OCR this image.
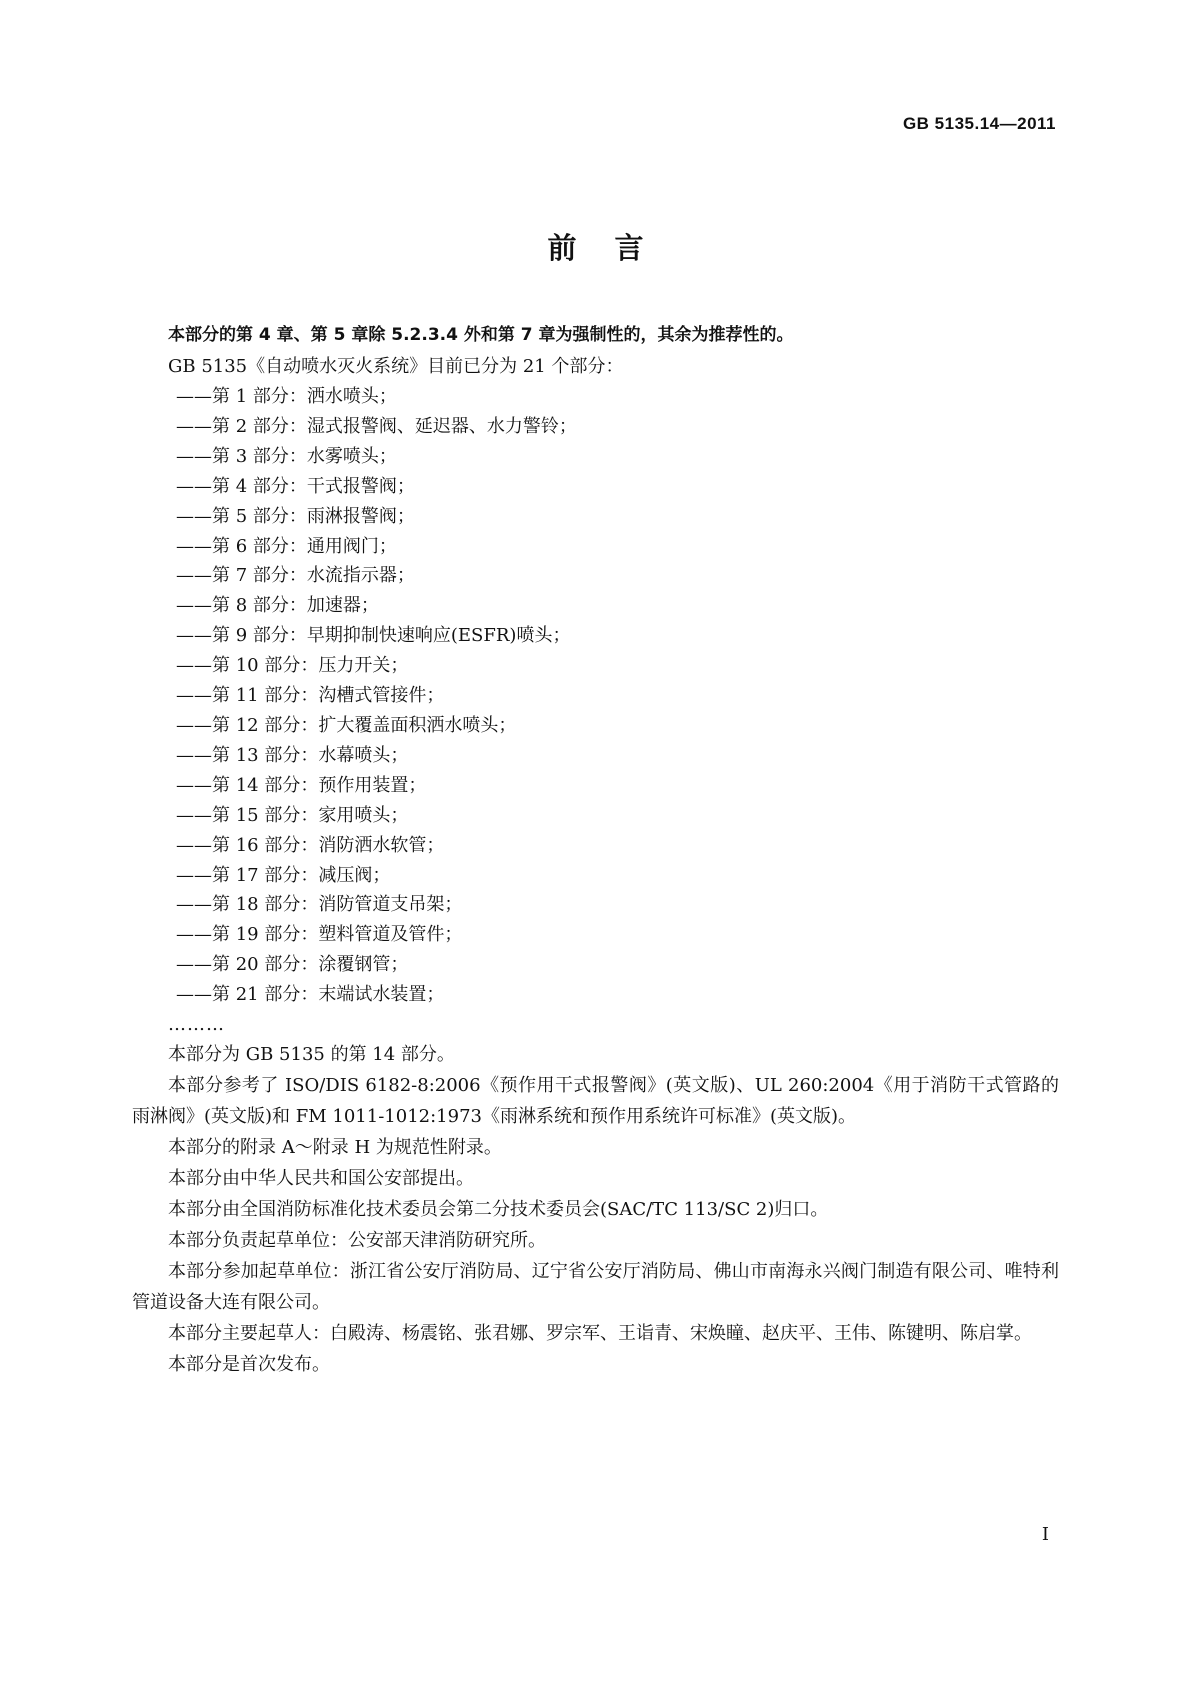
GB 5135.14—2011
前言

本部分的第 4 章、第 5 章除 5.2.3.4 外和第 7 章为强制性的，其余为推荐性的。

GB 5135《自动喷水灭火系统》目前已分为 21 个部分：

——第 1 部分：洒水喷头；
——第 2 部分：湿式报警阀、延迟器、水力警铃；
——第 3 部分：水雾喷头；
——第 4 部分：干式报警阀；
——第 5 部分：雨淋报警阀；
——第 6 部分：通用阀门；
——第 7 部分：水流指示器；
——第 8 部分：加速器；
——第 9 部分：早期抑制快速响应(ESFR)喷头；
——第 10 部分：压力开关；
——第 11 部分：沟槽式管接件；
——第 12 部分：扩大覆盖面积洒水喷头；
——第 13 部分：水幕喷头；
——第 14 部分：预作用装置；
——第 15 部分：家用喷头；
——第 16 部分：消防洒水软管；
——第 17 部分：减压阀；
——第 18 部分：消防管道支吊架；
——第 19 部分：塑料管道及管件；
——第 20 部分：涂覆钢管；
——第 21 部分：末端试水装置；
………

本部分为 GB 5135 的第 14 部分。

本部分参考了 ISO/DIS 6182-8:2006《预作用干式报警阀》(英文版)、UL 260:2004《用于消防干式管路的雨淋阀》(英文版)和 FM 1011-1012:1973《雨淋系统和预作用系统许可标准》(英文版)。

本部分的附录 A～附录 H 为规范性附录。

本部分由中华人民共和国公安部提出。

本部分由全国消防标准化技术委员会第二分技术委员会(SAC/TC 113/SC 2)归口。

本部分负责起草单位：公安部天津消防研究所。

本部分参加起草单位：浙江省公安厅消防局、辽宁省公安厅消防局、佛山市南海永兴阀门制造有限公司、唯特利管道设备大连有限公司。

本部分主要起草人：白殿涛、杨震铭、张君娜、罗宗军、王诣青、宋焕瞳、赵庆平、王伟、陈键明、陈启掌。

本部分是首次发布。

I
